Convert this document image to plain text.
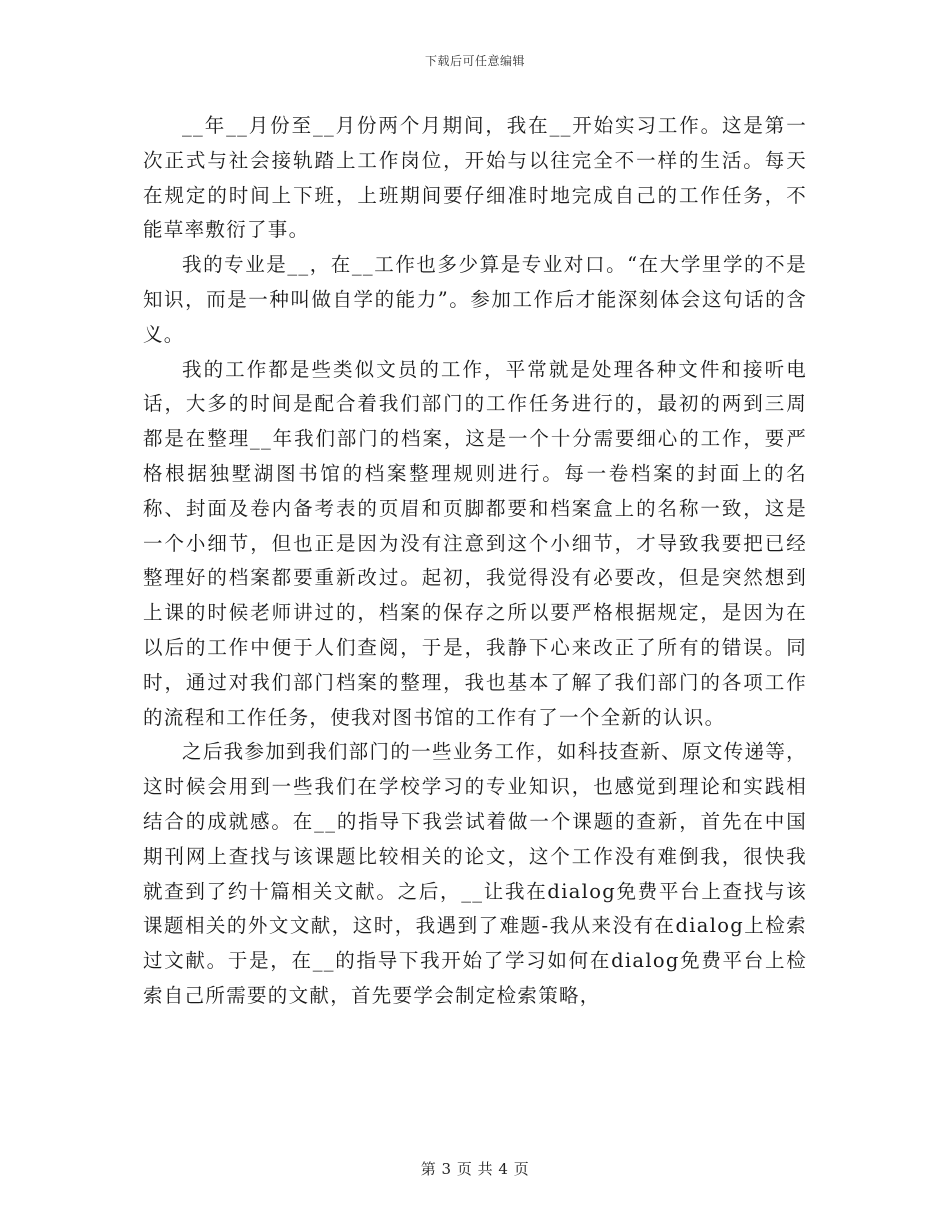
下载后可任意编辑

__年__月份至__月份两个月期间，我在__开始实习工作。这是第一次正式与社会接轨踏上工作岗位，开始与以往完全不一样的生活。每天在规定的时间上下班，上班期间要仔细准时地完成自己的工作任务，不能草率敷衍了事。

我的专业是__，在__工作也多少算是专业对口。“在大学里学的不是知识，而是一种叫做自学的能力”。参加工作后才能深刻体会这句话的含义。

我的工作都是些类似文员的工作，平常就是处理各种文件和接听电话，大多的时间是配合着我们部门的工作任务进行的，最初的两到三周都是在整理__年我们部门的档案，这是一个十分需要细心的工作，要严格根据独墅湖图书馆的档案整理规则进行。每一卷档案的封面上的名称、封面及卷内备考表的页眉和页脚都要和档案盒上的名称一致，这是一个小细节，但也正是因为没有注意到这个小细节，才导致我要把已经整理好的档案都要重新改过。起初，我觉得没有必要改，但是突然想到上课的时候老师讲过的，档案的保存之所以要严格根据规定，是因为在以后的工作中便于人们查阅，于是，我静下心来改正了所有的错误。同时，通过对我们部门档案的整理，我也基本了解了我们部门的各项工作的流程和工作任务，使我对图书馆的工作有了一个全新的认识。

之后我参加到我们部门的一些业务工作，如科技查新、原文传递等，这时候会用到一些我们在学校学习的专业知识，也感觉到理论和实践相结合的成就感。在__的指导下我尝试着做一个课题的查新，首先在中国期刊网上查找与该课题比较相关的论文，这个工作没有难倒我，很快我就查到了约十篇相关文献。之后，__让我在dialog免费平台上查找与该课题相关的外文文献，这时，我遇到了难题-我从来没有在dialog上检索过文献。于是，在__的指导下我开始了学习如何在dialog免费平台上检索自己所需要的文献，首先要学会制定检索策略，

第 3 页 共 4 页
